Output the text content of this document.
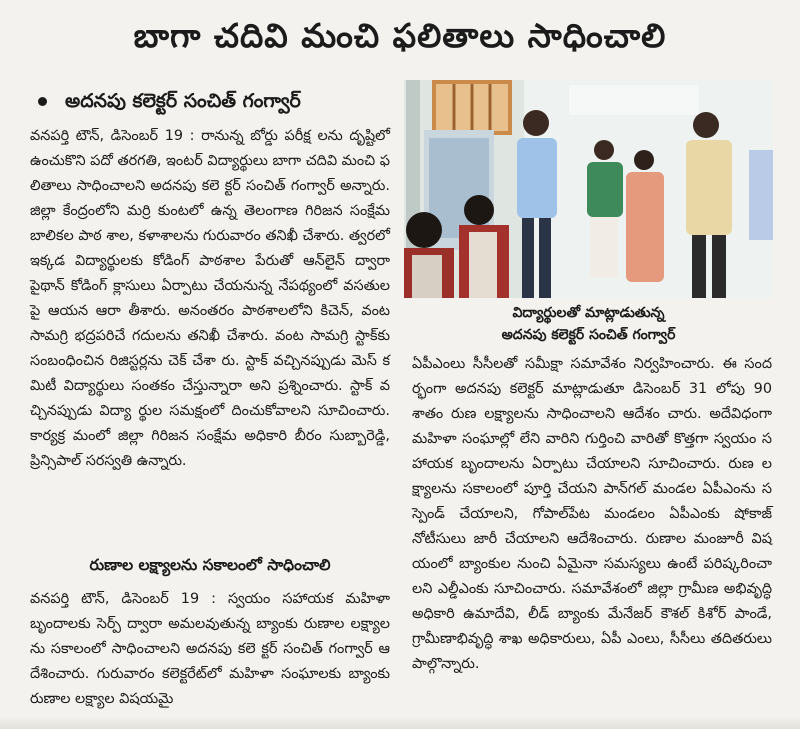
బాగా చదివి మంచి ఫలితాలు సాధించాలి
అదనపు కలెక్టర్ సంచిత్ గంగ్వార్
వనపర్తి టౌన్, డిసెంబర్ 19 : రానున్న బోర్డు పరీక్ష లను దృష్టిలో ఉంచుకొని పదో తరగతి, ఇంటర్ విద్యార్థులు బాగా చదివి మంచి ఫలితాలు సాధించాలని అదనపు కలె క్టర్ సంచిత్ గంగ్వార్ అన్నారు. జిల్లా కేంద్రంలోని మర్రి కుంటలో ఉన్న తెలంగాణ గిరిజన సంక్షేమ బాలికల పాఠ శాల, కళాశాలను గురువారం తనిఖీ చేశారు. త్వరలో ఇక్కడ విద్యార్థులకు కోడింగ్ పాఠశాల పేరుతో ఆన్‌లైన్ ద్వారా పైథాన్ కోడింగ్ క్లాసులు ఏర్పాటు చేయనున్న నేపథ్యంలో వసతులపై ఆయన ఆరా తీశారు. అనంతరం పాఠశాలలోని కిచెన్, వంట సామగ్రి భద్రపరిచే గదులను తనిఖీ చేశారు. వంట సామగ్రి స్టాక్‌కు సంబంధించిన రిజిస్టర్లను చెక్ చేశా రు. స్టాక్ వచ్చినప్పుడు మెస్ కమిటీ విద్యార్థులు సంతకం చేస్తున్నారా అని ప్రశ్నించారు. స్టాక్ వచ్చినప్పుడు విద్యా ర్థుల సమక్షంలో దించుకోవాలని సూచించారు. కార్యక్ర మంలో జిల్లా గిరిజన సంక్షేమ అధికారి బీరం సుబ్బారెడ్డి, ప్రిన్సిపాల్ సరస్వతి ఉన్నారు.
రుణాల లక్ష్యాలను సకాలంలో సాధించాలి
వనపర్తి టౌన్, డిసెంబర్ 19 : స్వయం సహాయక మహిళా బృందాలకు సెర్ప్ ద్వారా అమలవుతున్న బ్యాంకు రుణాల లక్ష్యాలను సకాలంలో సాధించాలని అదనపు కలె క్టర్ సంచిత్ గంగ్వార్ ఆదేశించారు. గురువారం కలెక్టరేట్‌లో మహిళా సంఘాలకు బ్యాంకు రుణాల లక్ష్యాల విషయమై
విద్యార్థులతో మాట్లాడుతున్న
అదనపు కలెక్టర్ సంచిత్ గంగ్వార్
ఏపీఎంలు సీసీలతో సమీక్షా సమావేశం నిర్వహించారు. ఈ సందర్భంగా అదనపు కలెక్టర్ మాట్లాడుతూ డిసెంబర్ 31 లోపు 90 శాతం రుణ లక్ష్యాలను సాధించాలని ఆదేశం చారు. అదేవిధంగా మహిళా సంఘాల్లో లేని వారిని గుర్తించి వారితో కొత్తగా స్వయం సహాయక బృందాలను ఏర్పాటు చేయాలని సూచించారు. రుణ లక్ష్యాలను సకాలంలో పూర్తి చేయని పాన్‌గల్ మండల ఏపీఎంను సస్పెండ్ చేయాలని, గోపాల్‌పేట మండలం ఏపీఎంకు షోకాజ్ నోటీసులు జారీ చేయాలని ఆదేశించారు. రుణాల మంజూరీ విషయంలో బ్యాంకుల నుంచి ఏమైనా సమస్యలు ఉంటే పరిష్కరించా లని ఎల్డీఎంకు సూచించారు. సమావేశంలో జిల్లా గ్రామీణ అభివృద్ధి అధికారి ఉమాదేవి, లీడ్ బ్యాంకు మేనేజర్ కౌశల్ కిశోర్ పాండే, గ్రామీణాభివృద్ధి శాఖ అధికారులు, ఏపీ ఎంలు, సీసీలు తదితరులు పాల్గొన్నారు.
